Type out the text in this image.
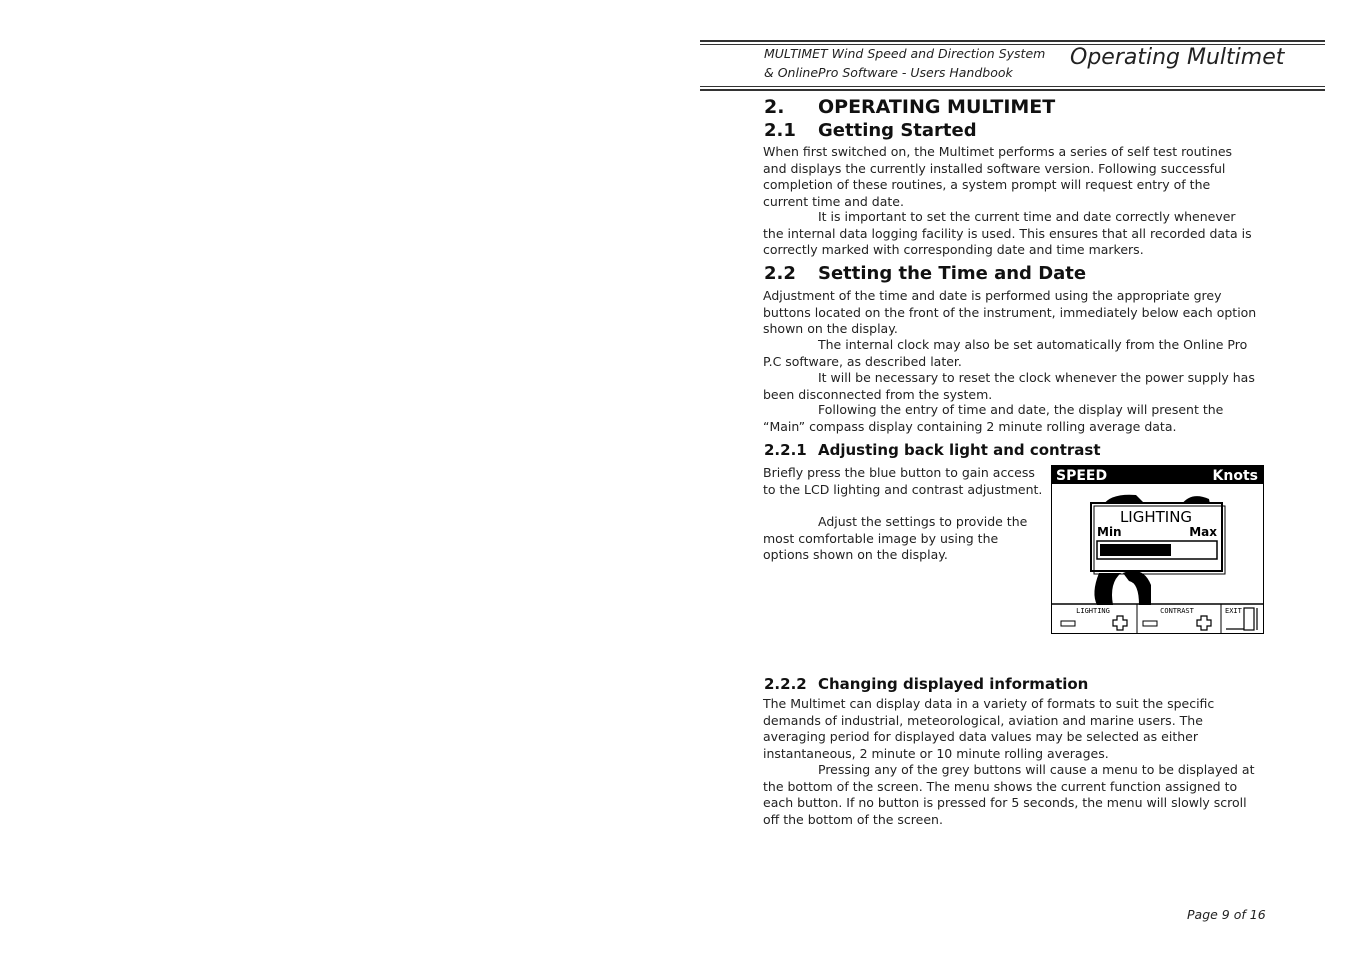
MULTIMET Wind Speed and Direction System
& OnlinePro Software - Users Handbook
Operating Multimet
2. OPERATING MULTIMET
2.1 Getting Started

When first switched on, the Multimet performs a series of self test routines and displays the currently installed software version. Following successful completion of these routines, a system prompt will request entry of the current time and date.

It is important to set the current time and date correctly whenever the internal data logging facility is used. This ensures that all recorded data is correctly marked with corresponding date and time markers.

2.2 Setting the Time and Date

Adjustment of the time and date is performed using the appropriate grey buttons located on the front of the instrument, immediately below each option shown on the display.

The internal clock may also be set automatically from the Online Pro P.C software, as described later.

It will be necessary to reset the clock whenever the power supply has been disconnected from the system.

Following the entry of time and date, the display will present the “Main” compass display containing 2 minute rolling average data.

2.2.1 Adjusting back light and contrast

Briefly press the blue button to gain access to the LCD lighting and contrast adjustment.

Adjust the settings to provide the most comfortable image by using the options shown on the display.

SPEED	Knots
LIGHTING
Min	Max
LIGHTING	CONTRAST	EXIT
2.2.2 Changing displayed information

The Multimet can display data in a variety of formats to suit the specific demands of industrial, meteorological, aviation and marine users. The averaging period for displayed data values may be selected as either instantaneous, 2 minute or 10 minute rolling averages.

Pressing any of the grey buttons will cause a menu to be displayed at the bottom of the screen. The menu shows the current function assigned to each button. If no button is pressed for 5 seconds, the menu will slowly scroll off the bottom of the screen.

Page 9 of 16
